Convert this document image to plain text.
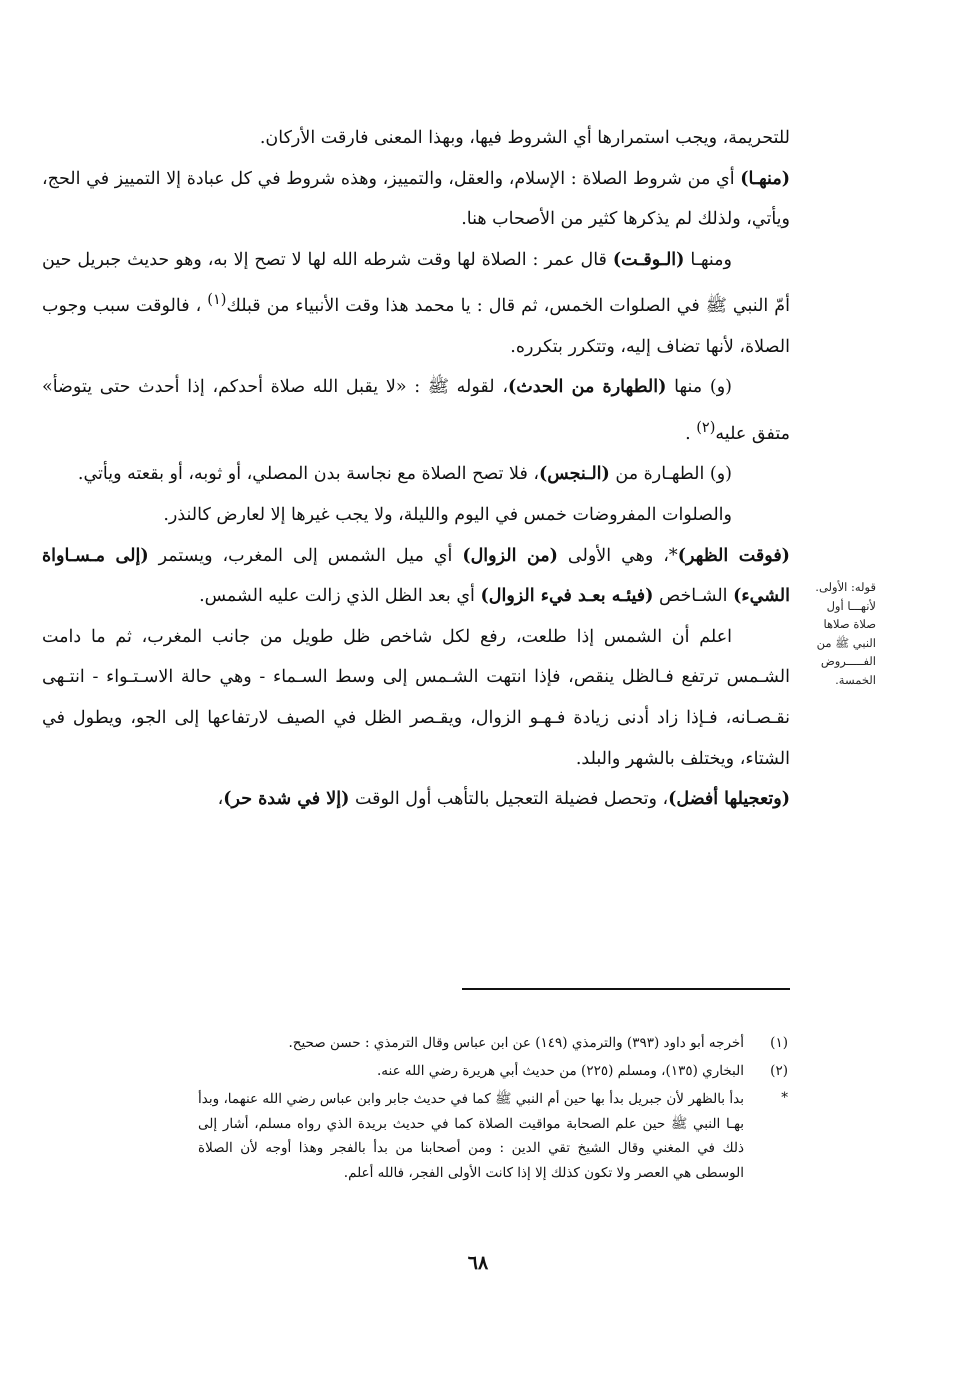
للتحريمة، ويجب استمرارها أي الشروط فيها، وبهذا المعنى فارقت الأركان.

(منهـا) أي من شروط الصلاة : الإسلام، والعقل، والتمييز، وهذه شروط في كل عبادة إلا التمييز في الحج، ويأتي، ولذلك لم يذكرها كثير من الأصحاب هنا.

ومنهـا (الـوقـت) قال عمر : الصلاة لها وقت شرطه الله لها لا تصح إلا به، وهو حديث جبريل حين أمّ النبي ﷺ في الصلوات الخمس، ثم قال : يا محمد هذا وقت الأنبياء من قبلك$^{(١)}$ ، فالوقت سبب وجوب الصلاة، لأنها تضاف إليه، وتتكرر بتكرره.

(و) منها (الطهارة من الحدث)، لقوله ﷺ : «لا يقبل الله صلاة أحدكم، إذا أحدث حتى يتوضأ» متفق عليه$^{(٢)}$ .

(و) الطهـارة من (الـنجس)، فلا تصح الصلاة مع نجاسة بدن المصلي، أو ثوبه، أو بقعته ويأتي.

والصلوات المفروضات خمس في اليوم والليلة، ولا يجب غيرها إلا لعارض كالنذر.

(فوقت الظهر)*، وهي الأولى (من الزوال) أي ميل الشمس إلى المغرب، ويستمر (إلى مـسـاواة الشيء) الشـاخص (فيئـه بعـد فيء الزوال) أي بعد الظل الذي زالت عليه الشمس.

اعلم أن الشمس إذا طلعت، رفع لكل شاخص ظل طويل من جانب المغرب، ثم ما دامت الشـمس ترتفع فـالظل ينقص، فإذا انتهت الشـمس إلى وسط السـماء - وهي حالة الاسـتـواء - انتـهى نقـصـانه، فـإذا زاد أدنى زيادة فـهـو الزوال، ويقـصر الظل في الصيف لارتفاعها إلى الجو، ويطول في الشتاء، ويختلف بالشهر والبلد.

(وتعجيلها أفضل)، وتحصل فضيلة التعجيل بالتأهب أول الوقت (إلا في شدة حر)،

قوله: الأولى. لأنهـــا أول صلاة صلاها النبي ﷺ من الفـــــروض الخمسة.
(١)
أخرجه أبو داود (٣٩٣) والترمذي (١٤٩) عن ابن عباس وقال الترمذي : حسن صحيح.
(٢)
البخاري (١٣٥)، ومسلم (٢٢٥) من حديث أبي هريرة رضي الله عنه.
*
بدأ بالظهر لأن جبريل بدأ بها حين أم النبي ﷺ كما في حديث جابر وابن عباس رضي الله عنهما، وبدأ بهـا النبي ﷺ حين علم الصحابة مواقيت الصلاة كما في حديث بريدة الذي رواه مسلم، أشار إلى ذلك في المغني وقال الشيخ تقي الدين : ومن أصحابنا من بدأ بالفجر وهذا أوجه لأن الصلاة الوسطى هي العصر ولا تكون كذلك إلا إذا كانت الأولى الفجر، فالله أعلم.
٦٨
